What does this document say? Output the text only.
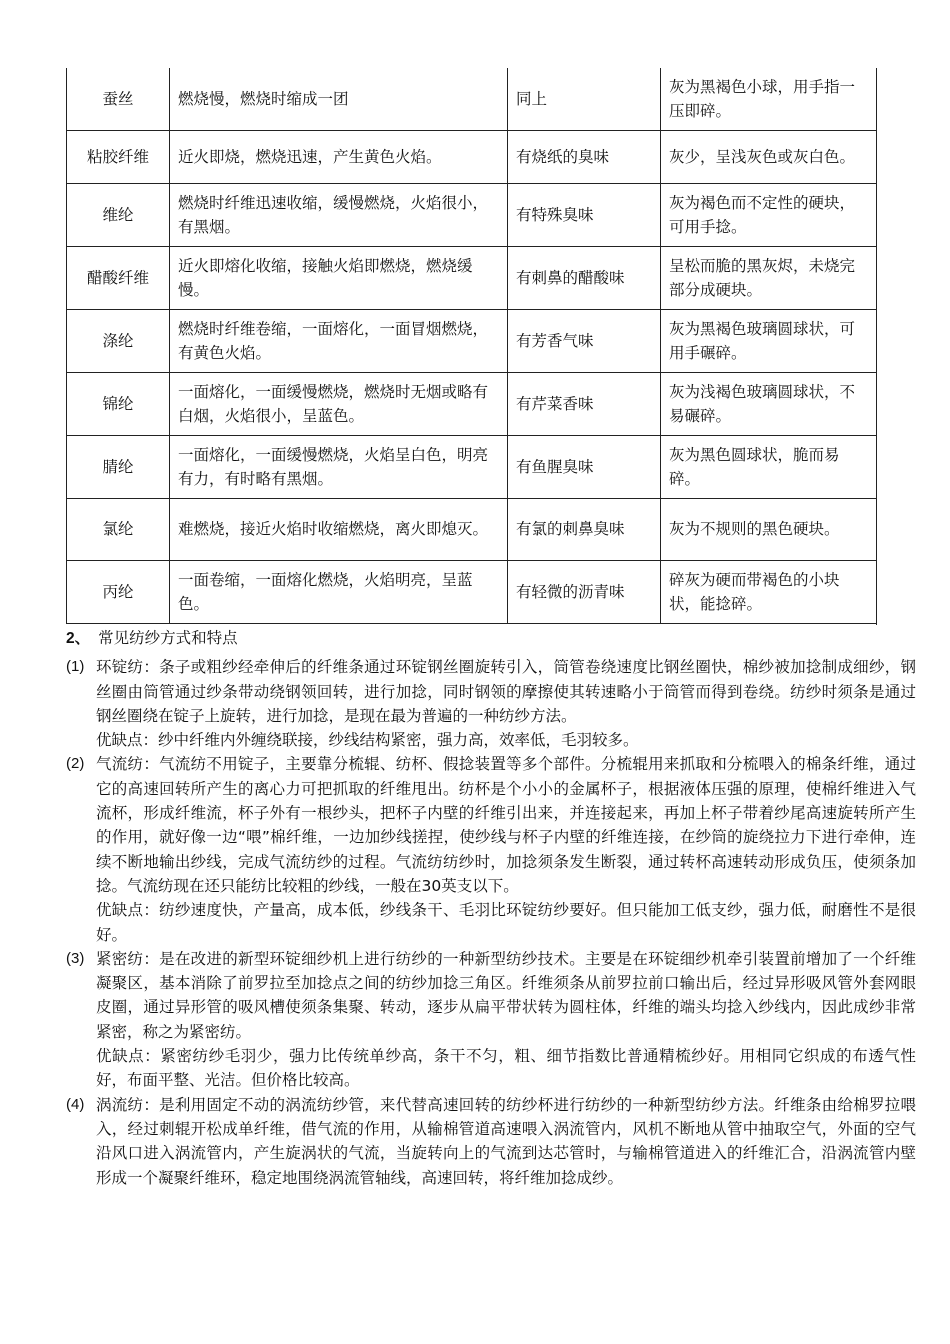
蚕丝	燃烧慢，燃烧时缩成一团	同上	灰为黑褐色小球，用手指一压即碎。
粘胶纤维	近火即烧，燃烧迅速，产生黄色火焰。	有烧纸的臭味	灰少，呈浅灰色或灰白色。
维纶	燃烧时纤维迅速收缩，缓慢燃烧，火焰很小，有黑烟。	有特殊臭味	灰为褐色而不定性的硬块，可用手捻。
醋酸纤维	近火即熔化收缩，接触火焰即燃烧，燃烧缓慢。	有刺鼻的醋酸味	呈松而脆的黑灰烬，未烧完部分成硬块。
涤纶	燃烧时纤维卷缩，一面熔化，一面冒烟燃烧，有黄色火焰。	有芳香气味	灰为黑褐色玻璃圆球状，可用手碾碎。
锦纶	一面熔化，一面缓慢燃烧，燃烧时无烟或略有白烟，火焰很小，呈蓝色。	有芹菜香味	灰为浅褐色玻璃圆球状，不易碾碎。
腈纶	一面熔化，一面缓慢燃烧，火焰呈白色，明亮有力，有时略有黑烟。	有鱼腥臭味	灰为黑色圆球状，脆而易碎。
氯纶	难燃烧，接近火焰时收缩燃烧，离火即熄灭。	有氯的刺鼻臭味	灰为不规则的黑色硬块。
丙纶	一面卷缩，一面熔化燃烧，火焰明亮，呈蓝色。	有轻微的沥青味	碎灰为硬而带褐色的小块状，能捻碎。
2、 常见纺纱方式和特点
(1) 环锭纺：条子或粗纱经牵伸后的纤维条通过环锭钢丝圈旋转引入，筒管卷绕速度比钢丝圈快，棉纱被加捻制成细纱，钢丝圈由筒管通过纱条带动绕钢领回转，进行加捻，同时钢领的摩擦使其转速略小于筒管而得到卷绕。纺纱时须条是通过钢丝圈绕在锭子上旋转，进行加捻，是现在最为普遍的一种纺纱方法。

优缺点：纱中纤维内外缠绕联接，纱线结构紧密，强力高，效率低，毛羽较多。

(2) 气流纺：气流纺不用锭子，主要靠分梳辊、纺杯、假捻装置等多个部件。分梳辊用来抓取和分梳喂入的棉条纤维，通过它的高速回转所产生的离心力可把抓取的纤维甩出。纺杯是个小小的金属杯子，根据液体压强的原理，使棉纤维进入气流杯，形成纤维流，杯子外有一根纱头，把杯子内壁的纤维引出来，并连接起来，再加上杯子带着纱尾高速旋转所产生的作用，就好像一边“喂”棉纤维，一边加纱线搓捏，使纱线与杯子内壁的纤维连接，在纱筒的旋绕拉力下进行牵伸，连续不断地输出纱线，完成气流纺纱的过程。气流纺纺纱时，加捻须条发生断裂，通过转杯高速转动形成负压，使须条加捻。气流纺现在还只能纺比较粗的纱线，一般在30英支以下。

优缺点：纺纱速度快，产量高，成本低，纱线条干、毛羽比环锭纺纱要好。但只能加工低支纱，强力低，耐磨性不是很好。

(3) 紧密纺：是在改进的新型环锭细纱机上进行纺纱的一种新型纺纱技术。主要是在环锭细纱机牵引装置前增加了一个纤维凝聚区，基本消除了前罗拉至加捻点之间的纺纱加捻三角区。纤维须条从前罗拉前口输出后，经过异形吸风管外套网眼皮圈，通过异形管的吸风槽使须条集聚、转动，逐步从扁平带状转为圆柱体，纤维的端头均捻入纱线内，因此成纱非常紧密，称之为紧密纺。

优缺点：紧密纺纱毛羽少，强力比传统单纱高，条干不匀，粗、细节指数比普通精梳纱好。用相同它织成的布透气性好，布面平整、光洁。但价格比较高。

(4) 涡流纺：是利用固定不动的涡流纺纱管，来代替高速回转的纺纱杯进行纺纱的一种新型纺纱方法。纤维条由给棉罗拉喂入，经过刺辊开松成单纤维，借气流的作用，从输棉管道高速喂入涡流管内，风机不断地从管中抽取空气，外面的空气沿风口进入涡流管内，产生旋涡状的气流，当旋转向上的气流到达芯管时，与输棉管道进入的纤维汇合，沿涡流管内壁形成一个凝聚纤维环，稳定地围绕涡流管轴线，高速回转，将纤维加捻成纱。
